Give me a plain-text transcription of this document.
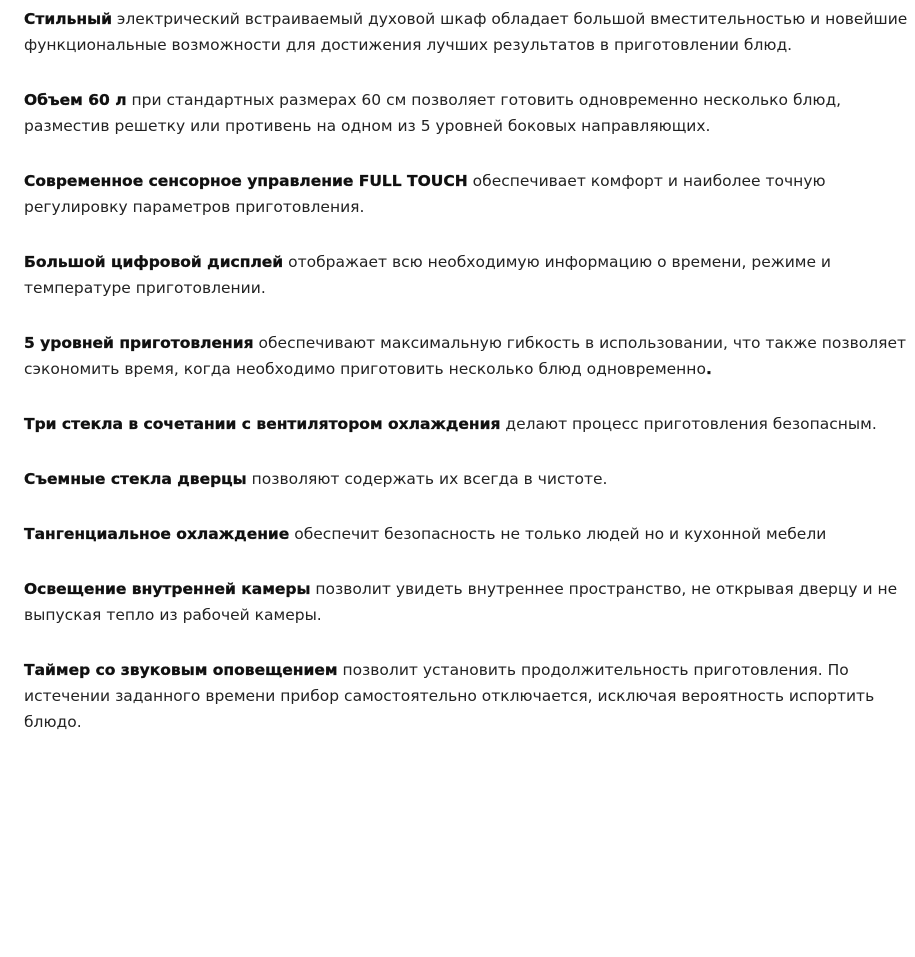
Стильный электрический встраиваемый духовой шкаф обладает большой вместительностью и новейшие функциональные возможности для достижения лучших результатов в приготовлении блюд.

Объем 60 л при стандартных размерах 60 см позволяет готовить одновременно несколько блюд, разместив решетку или противень на одном из 5 уровней боковых направляющих.

Современное сенсорное управление FULL TOUCH обеспечивает комфорт и наиболее точную регулировку параметров приготовления.

Большой цифровой дисплей отображает всю необходимую информацию о времени, режиме и температуре приготовлении.

5 уровней приготовления обеспечивают максимальную гибкость в использовании, что также позволяет сэкономить время, когда необходимо приготовить несколько блюд одновременно.

Три стекла в сочетании с вентилятором охлаждения делают процесс приготовления безопасным.

Съемные стекла дверцы позволяют содержать их всегда в чистоте.

Тангенциальное охлаждение обеспечит безопасность не только людей но и кухонной мебели

Освещение внутренней камеры позволит увидеть внутреннее пространство, не открывая дверцу и не выпуская тепло из рабочей камеры.

Таймер со звуковым оповещением позволит установить продолжительность приготовления. По истечении заданного времени прибор самостоятельно отключается, исключая вероятность испортить блюдо.
